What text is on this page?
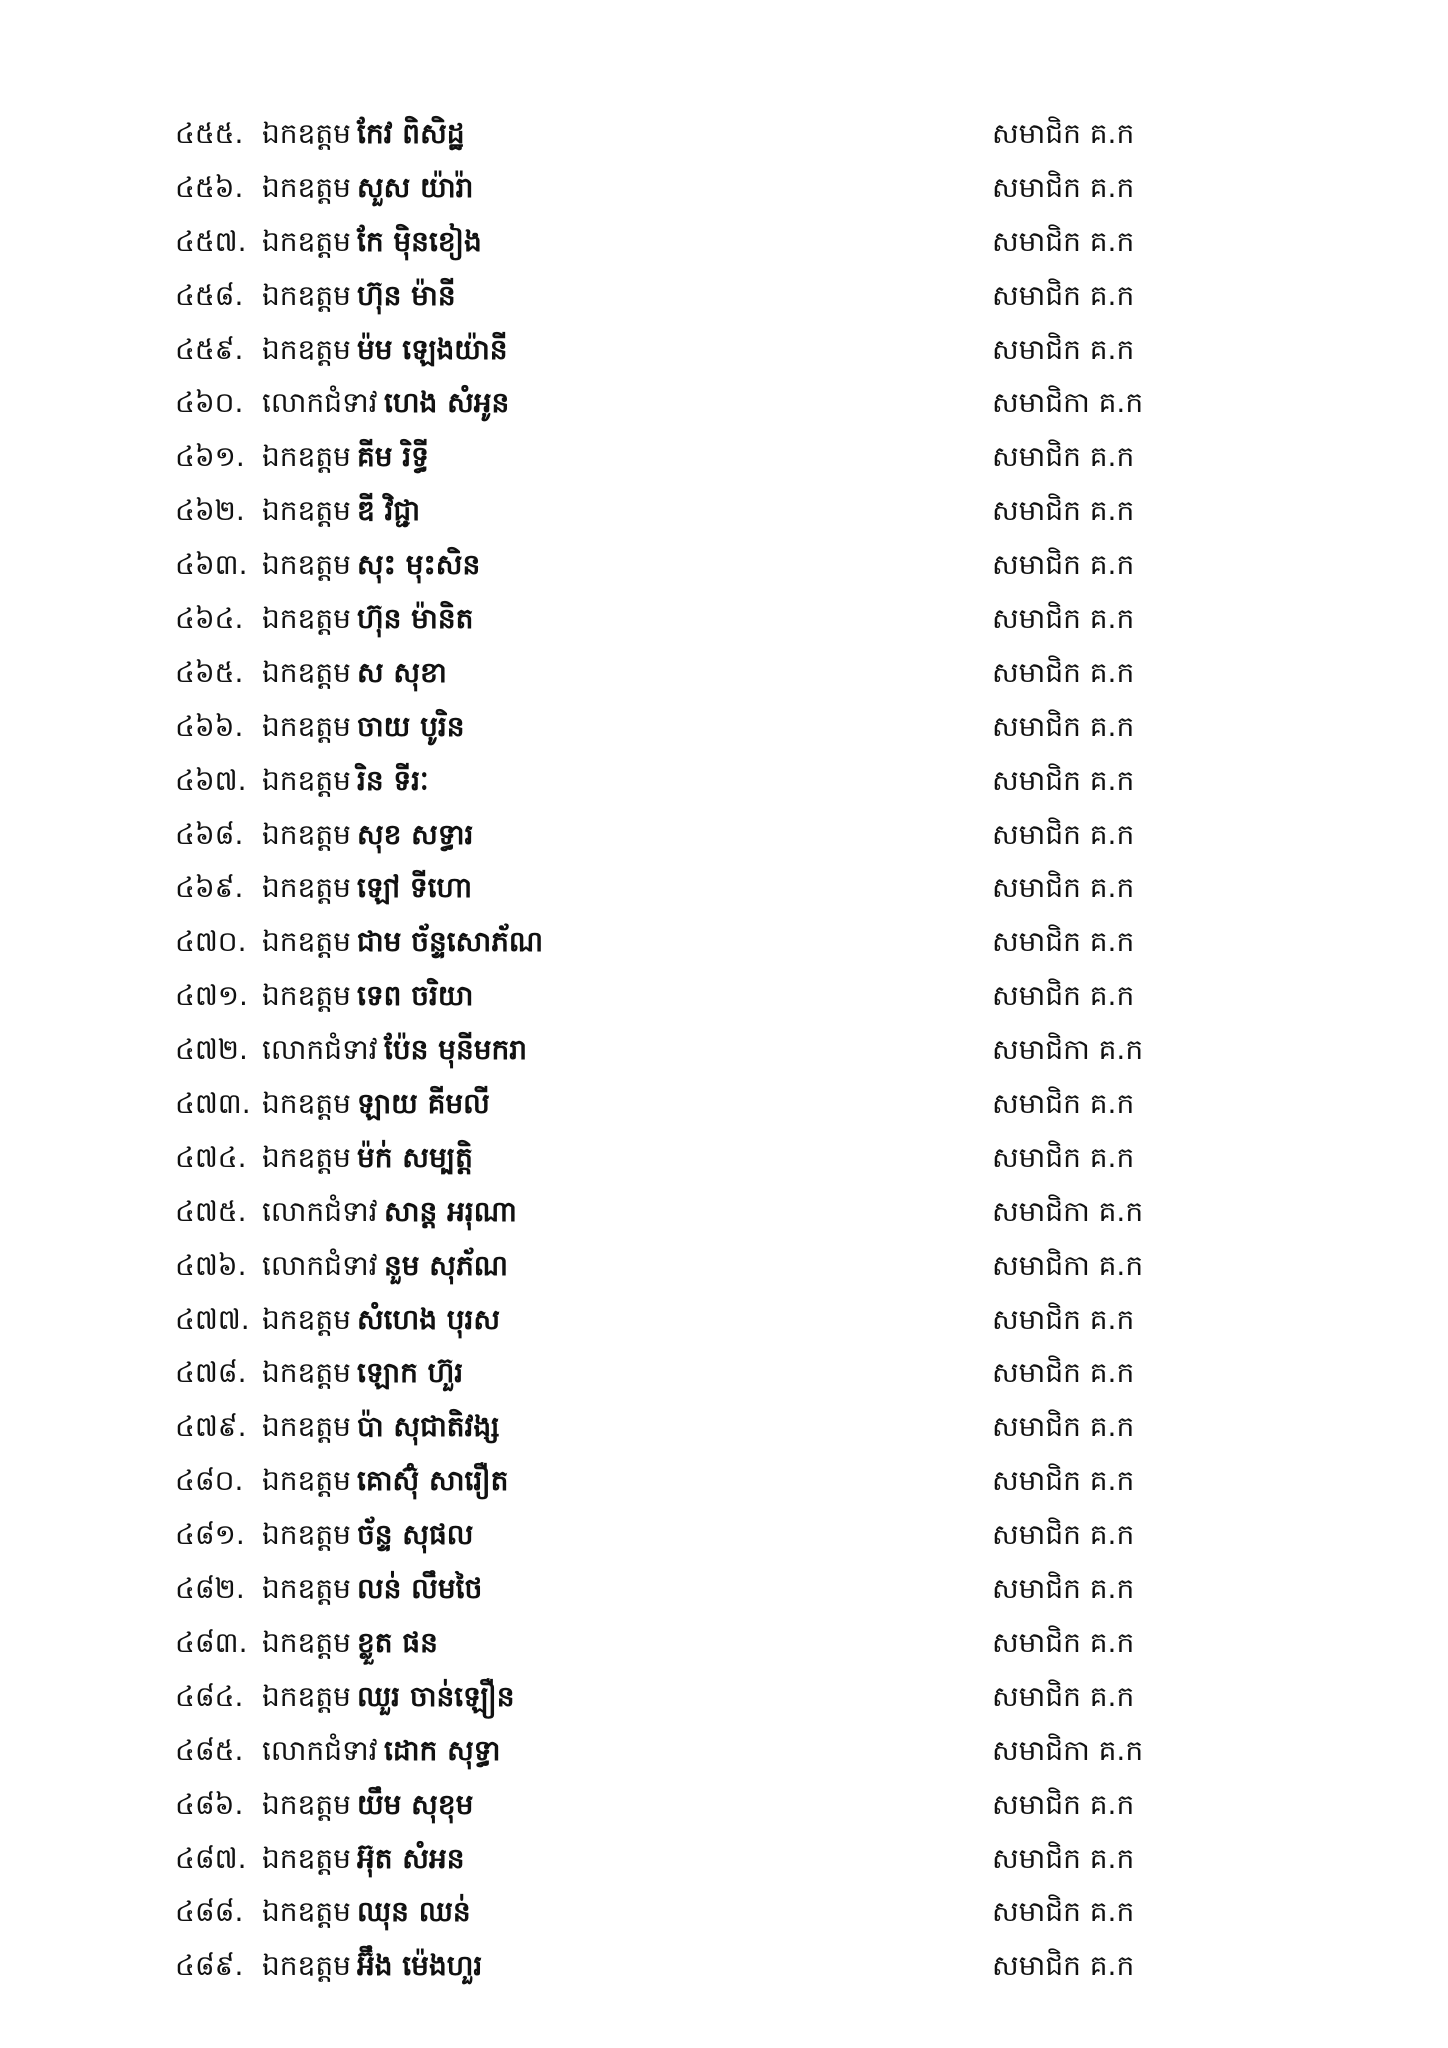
៤៥៥. ឯកឧត្តម កែវ ពិសិដ្ឋ	សមាជិក គ.ក
៤៥៦. ឯកឧត្តម សួស យ៉ារ៉ា	សមាជិក គ.ក
៤៥៧. ឯកឧត្តម កែ ម៉ិនខៀង	សមាជិក គ.ក
៤៥៨. ឯកឧត្តម ហ៊ុន ម៉ានី	សមាជិក គ.ក
៤៥៩. ឯកឧត្តម ម៉ម ឡេងយ៉ានី	សមាជិក គ.ក
៤៦០. លោកជំទាវ ហេង សំអូន	សមាជិកា គ.ក
៤៦១. ឯកឧត្តម គីម រិទ្ធី	សមាជិក គ.ក
៤៦២. ឯកឧត្តម ឌី វិជ្ជា	សមាជិក គ.ក
៤៦៣. ឯកឧត្តម សុះ មុះសិន	សមាជិក គ.ក
៤៦៤. ឯកឧត្តម ហ៊ុន ម៉ានិត	សមាជិក គ.ក
៤៦៥. ឯកឧត្តម ស សុខា	សមាជិក គ.ក
៤៦៦. ឯកឧត្តម ចាយ បូរិន	សមាជិក គ.ក
៤៦៧. ឯកឧត្តម រិន ទីរៈ	សមាជិក គ.ក
៤៦៨. ឯកឧត្តម សុខ សទ្ធារ	សមាជិក គ.ក
៤៦៩. ឯកឧត្តម ឡៅ ទីហោ	សមាជិក គ.ក
៤៧០. ឯកឧត្តម ជាម ច័ន្ទសោភ័ណ	សមាជិក គ.ក
៤៧១. ឯកឧត្តម ទេព ចរិយា	សមាជិក គ.ក
៤៧២. លោកជំទាវ ប៉ែន មុនីមករា	សមាជិកា គ.ក
៤៧៣. ឯកឧត្តម ឡាយ គីមលី	សមាជិក គ.ក
៤៧៤. ឯកឧត្តម ម៉ក់ សម្បត្តិ	សមាជិក គ.ក
៤៧៥. លោកជំទាវ សាន្ត អរុណា	សមាជិកា គ.ក
៤៧៦. លោកជំទាវ នួម សុភ័ណ	សមាជិកា គ.ក
៤៧៧. ឯកឧត្តម សំហេង បុរស	សមាជិក គ.ក
៤៧៨. ឯកឧត្តម ឡោក ហ៊ួរ	សមាជិក គ.ក
៤៧៩. ឯកឧត្តម ប៉ា សុជាតិវង្ស	សមាជិក គ.ក
៤៨០. ឯកឧត្តម គោស៊ុំ សារឿត	សមាជិក គ.ក
៤៨១. ឯកឧត្តម ច័ន្ទ សុផល	សមាជិក គ.ក
៤៨២. ឯកឧត្តម លន់ លឹមថៃ	សមាជិក គ.ក
៤៨៣. ឯកឧត្តម ខ្លួត ផន	សមាជិក គ.ក
៤៨៤. ឯកឧត្តម ឈួរ ចាន់ឡឿន	សមាជិក គ.ក
៤៨៥. លោកជំទាវ ដោក សុទ្ធា	សមាជិកា គ.ក
៤៨៦. ឯកឧត្តម យឹម សុខុម	សមាជិក គ.ក
៤៨៧. ឯកឧត្តម អ៊ុត សំអន	សមាជិក គ.ក
៤៨៨. ឯកឧត្តម ឈុន ឈន់	សមាជិក គ.ក
៤៨៩. ឯកឧត្តម អ៊ឹង ម៉េងហួរ	សមាជិក គ.ក
